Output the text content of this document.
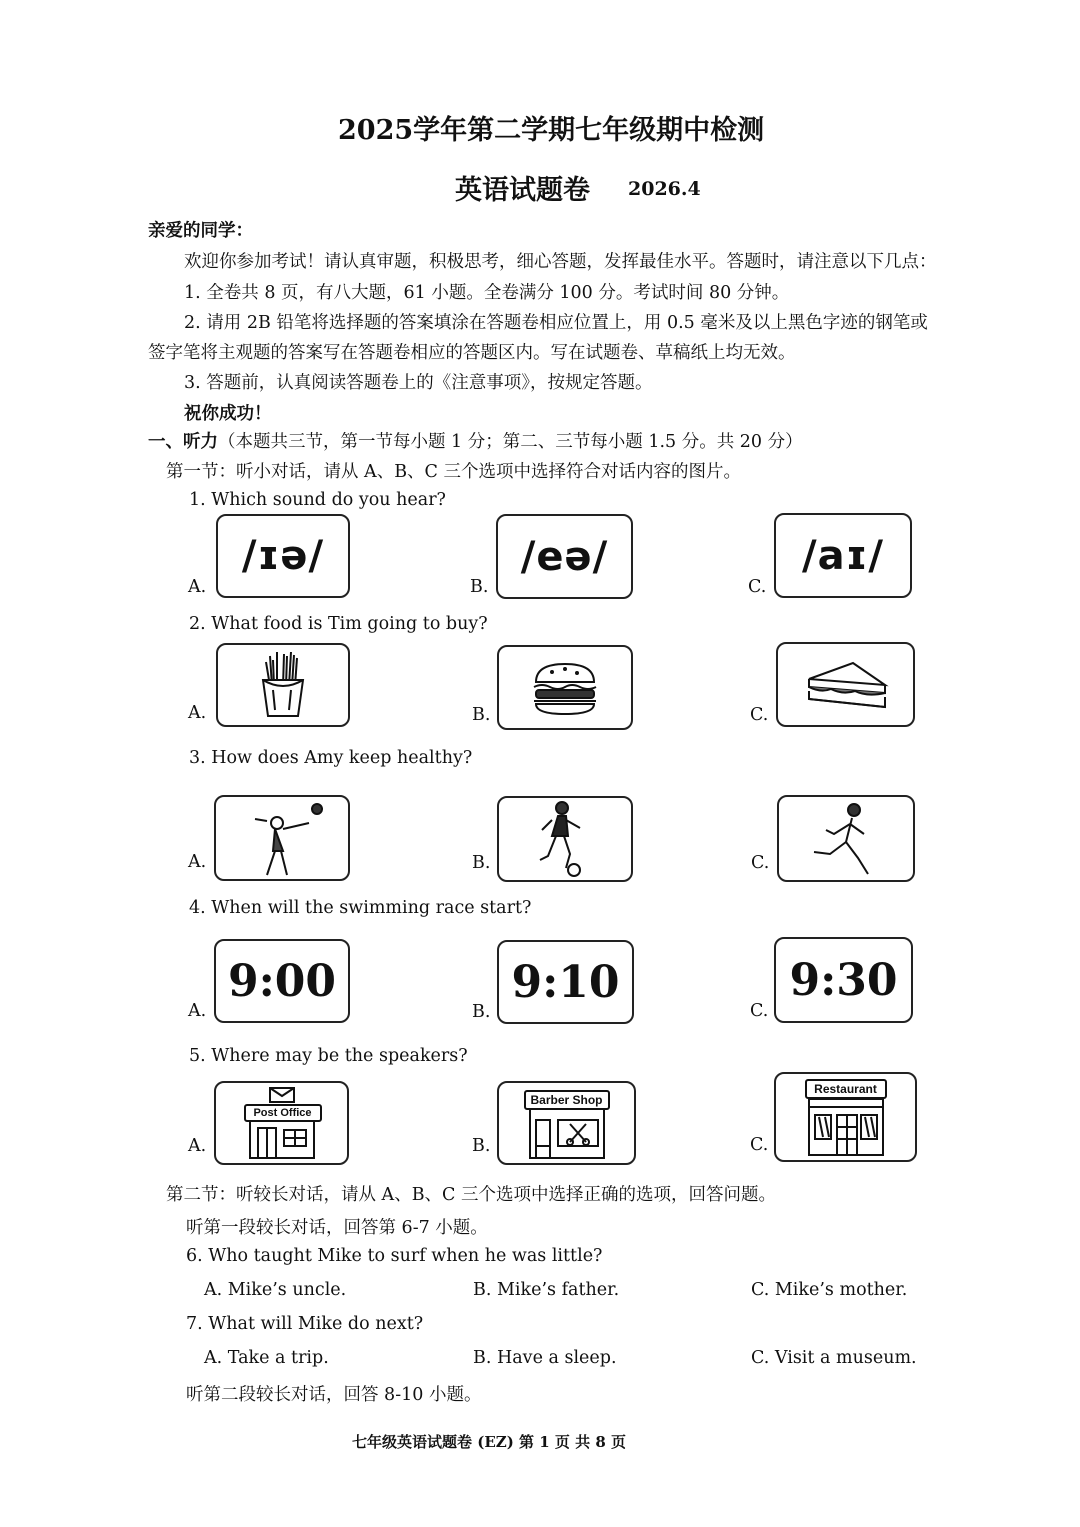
2025学年第二学期七年级期中检测
英语试题卷 2026.4
亲爱的同学：
欢迎你参加考试！请认真审题，积极思考，细心答题，发挥最佳水平。答题时，请注意以下几点：
1. 全卷共 8 页，有八大题，61 小题。全卷满分 100 分。考试时间 80 分钟。
2. 请用 2B 铅笔将选择题的答案填涂在答题卷相应位置上，用 0.5 毫米及以上黑色字迹的钢笔或
签字笔将主观题的答案写在答题卷相应的答题区内。写在试题卷、草稿纸上均无效。
3. 答题前，认真阅读答题卷上的《注意事项》，按规定答题。
祝你成功！
一、听力（本题共三节，第一节每小题 1 分；第二、三节每小题 1.5 分。共 20 分）
第一节：听小对话，请从 A、B、C 三个选项中选择符合对话内容的图片。
1. Which sound do you hear?
A.
/ɪə/
B.
/eə/
C.
/aɪ/
2. What food is Tim going to buy?
A.	B.	C.
3. How does Amy keep healthy?
A.	B.	C.
4. When will the swimming race start?
A.
9:00
B.
9:10
C.
9:30
5. Where may be the speakers?
A.
Post Office
B.
Barber Shop
C.
Restaurant
第二节：听较长对话，请从 A、B、C 三个选项中选择正确的选项，回答问题。
听第一段较长对话，回答第 6-7 小题。
6. Who taught Mike to surf when he was little?
A. Mike’s uncle.	B. Mike’s father.	C. Mike’s mother.
7. What will Mike do next?
A. Take a trip.	B. Have a sleep.	C. Visit a museum.
听第二段较长对话，回答 8-10 小题。
七年级英语试题卷 (EZ) 第 1 页 共 8 页
